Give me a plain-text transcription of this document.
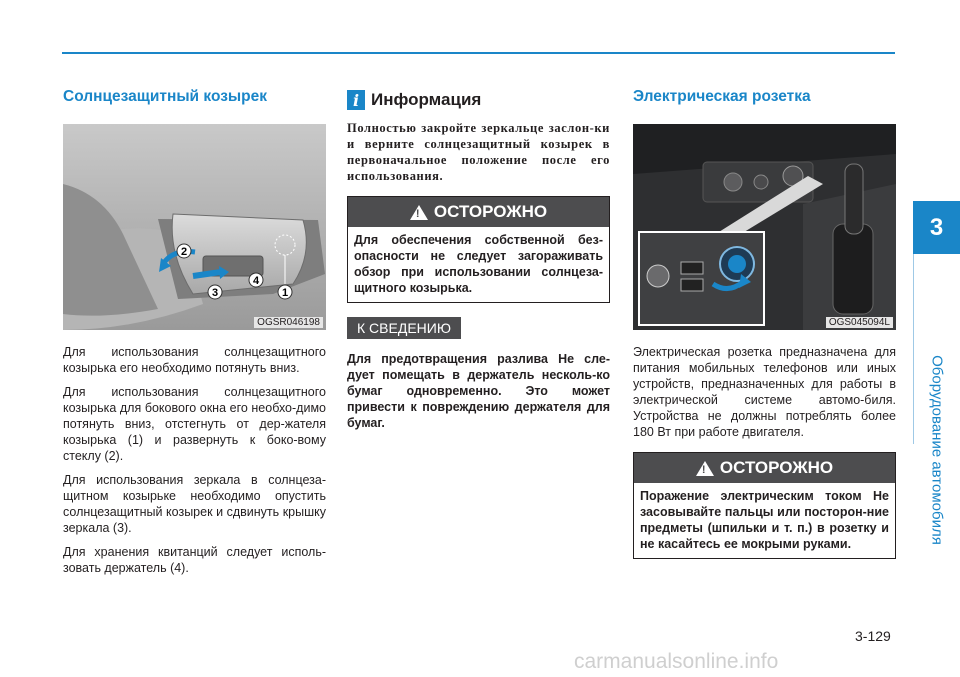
3
Оборудование автомобиля
Солнцезащитный козырек
2
3
4
1
OGSR046198

Для использования солнцезащитного козырька его необходимо потянуть вниз.

Для использования солнцезащитного козырька для бокового окна его необхо-димо потянуть вниз, отстегнуть от дер-жателя козырька (1) и развернуть к боко-вому стеклу (2).

Для использования зеркала в солнцеза-щитном козырьке необходимо опустить солнцезащитный козырек и сдвинуть крышку зеркала (3).

Для хранения квитанций следует исполь-зовать держатель (4).

i Информация

Полностью закройте зеркальце заслон-ки и верните солнцезащитный козырек в первоначальное положение после его использования.

! ОСТОРОЖНО
Для обеспечения собственной без-опасности не следует загораживать обзор при использовании солнцеза-щитного козырька.
К СВЕДЕНИЮ

Для предотвращения разлива Не сле-дует помещать в держатель несколь-ко бумаг одновременно. Это может привести к повреждению держателя для бумаг.

Электрическая розетка
OGS045094L

Электрическая розетка предназначена для питания мобильных телефонов или иных устройств, предназначенных для работы в электрической системе автомо-биля. Устройства не должны потреблять более 180 Вт при работе двигателя.

! ОСТОРОЖНО
Поражение электрическим током Не засовывайте пальцы или посторон-ние предметы (шпильки и т. п.) в розетку и не касайтесь ее мокрыми руками.
3-129
carmanualsonline.info
